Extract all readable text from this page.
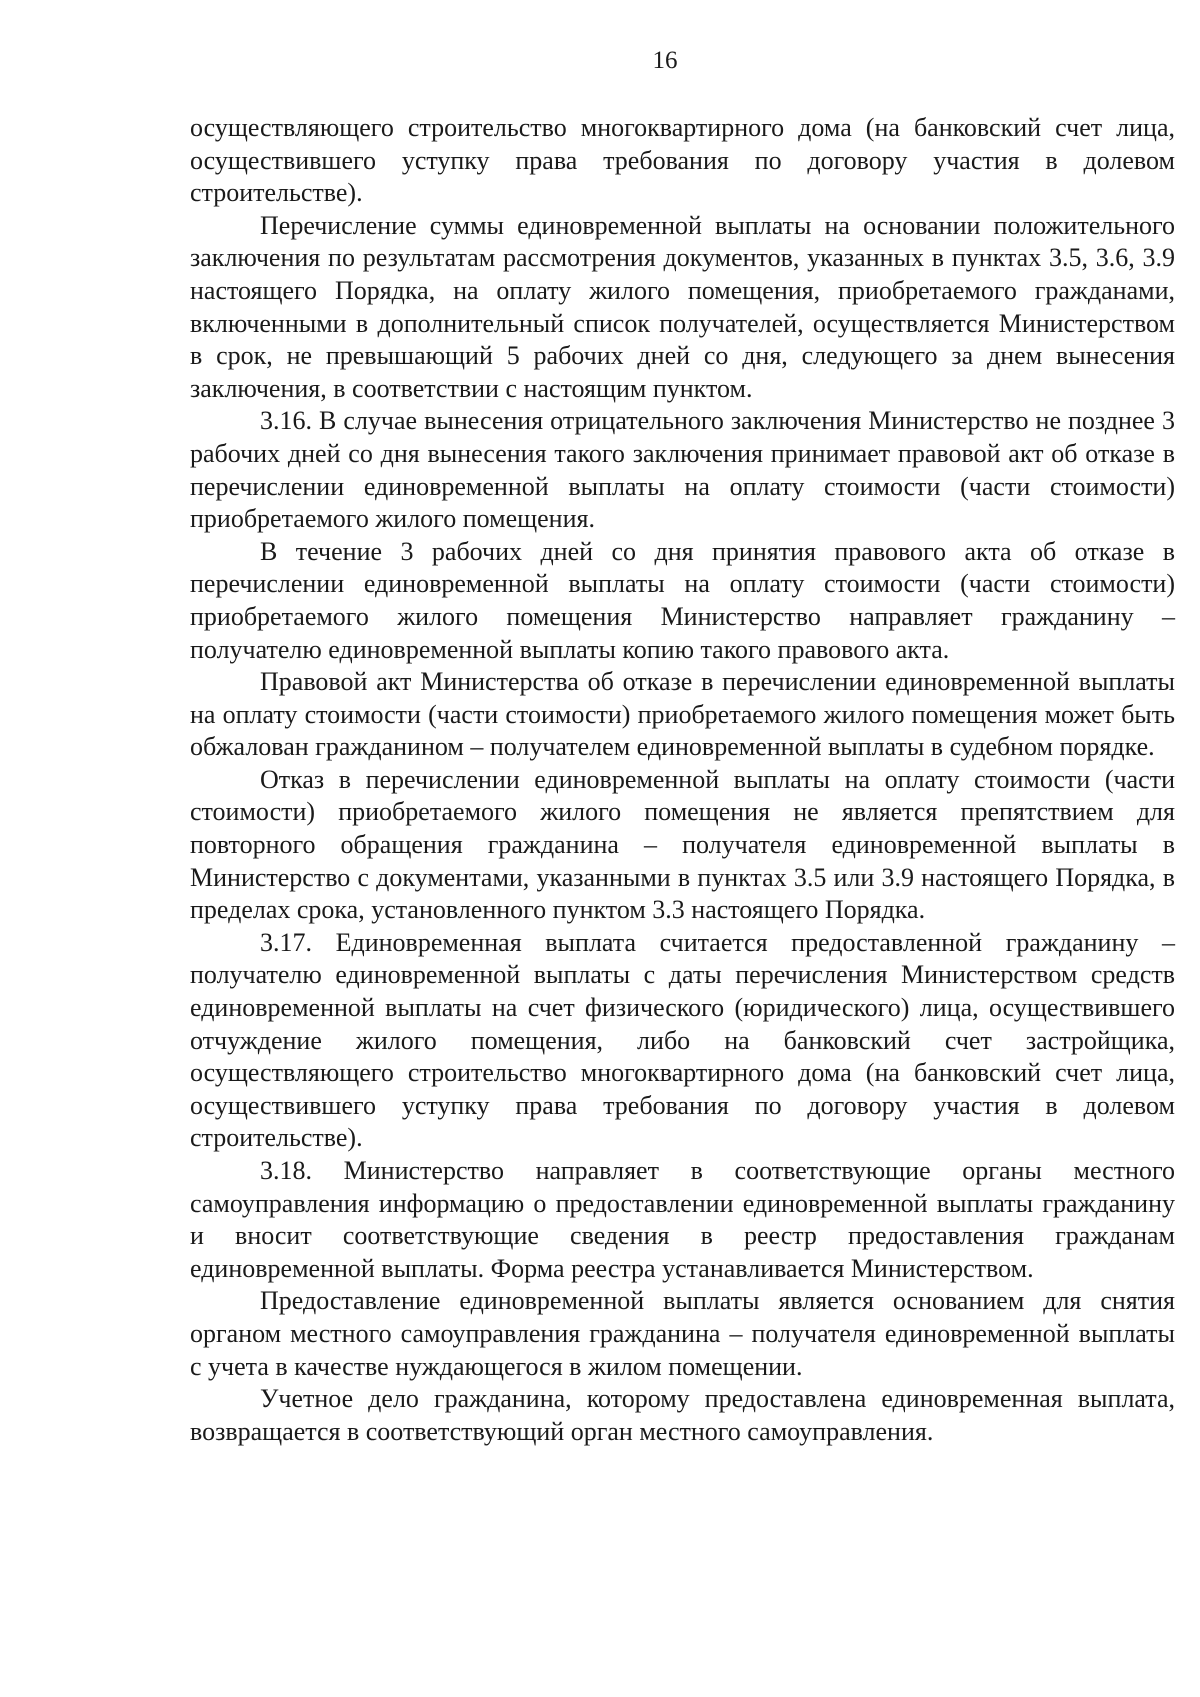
16

осуществляющего строительство многоквартирного дома (на банковский счет лица, осуществившего уступку права требования по договору участия в долевом строительстве).

Перечисление суммы единовременной выплаты на основании положительного заключения по результатам рассмотрения документов, указанных в пунктах 3.5, 3.6, 3.9 настоящего Порядка, на оплату жилого помещения, приобретаемого гражданами, включенными в дополнительный список получателей, осуществляется Министерством в срок, не превышающий 5 рабочих дней со дня, следующего за днем вынесения заключения, в соответствии с настоящим пунктом.

3.16. В случае вынесения отрицательного заключения Министерство не позднее 3 рабочих дней со дня вынесения такого заключения принимает правовой акт об отказе в перечислении единовременной выплаты на оплату стоимости (части стоимости) приобретаемого жилого помещения.

В течение 3 рабочих дней со дня принятия правового акта об отказе в перечислении единовременной выплаты на оплату стоимости (части стоимости) приобретаемого жилого помещения Министерство направляет гражданину – получателю единовременной выплаты копию такого правового акта.

Правовой акт Министерства об отказе в перечислении единовременной выплаты на оплату стоимости (части стоимости) приобретаемого жилого помещения может быть обжалован гражданином – получателем единовременной выплаты в судебном порядке.

Отказ в перечислении единовременной выплаты на оплату стоимости (части стоимости) приобретаемого жилого помещения не является препятствием для повторного обращения гражданина – получателя единовременной выплаты в Министерство с документами, указанными в пунктах 3.5 или 3.9 настоящего Порядка, в пределах срока, установленного пунктом 3.3 настоящего Порядка.

3.17. Единовременная выплата считается предоставленной гражданину – получателю единовременной выплаты с даты перечисления Министерством средств единовременной выплаты на счет физического (юридического) лица, осуществившего отчуждение жилого помещения, либо на банковский счет застройщика, осуществляющего строительство многоквартирного дома (на банковский счет лица, осуществившего уступку права требования по договору участия в долевом строительстве).

3.18. Министерство направляет в соответствующие органы местного самоуправления информацию о предоставлении единовременной выплаты гражданину и вносит соответствующие сведения в реестр предоставления гражданам единовременной выплаты. Форма реестра устанавливается Министерством.

Предоставление единовременной выплаты является основанием для снятия органом местного самоуправления гражданина – получателя единовременной выплаты с учета в качестве нуждающегося в жилом помещении.

Учетное дело гражданина, которому предоставлена единовременная выплата, возвращается в соответствующий орган местного самоуправления.
